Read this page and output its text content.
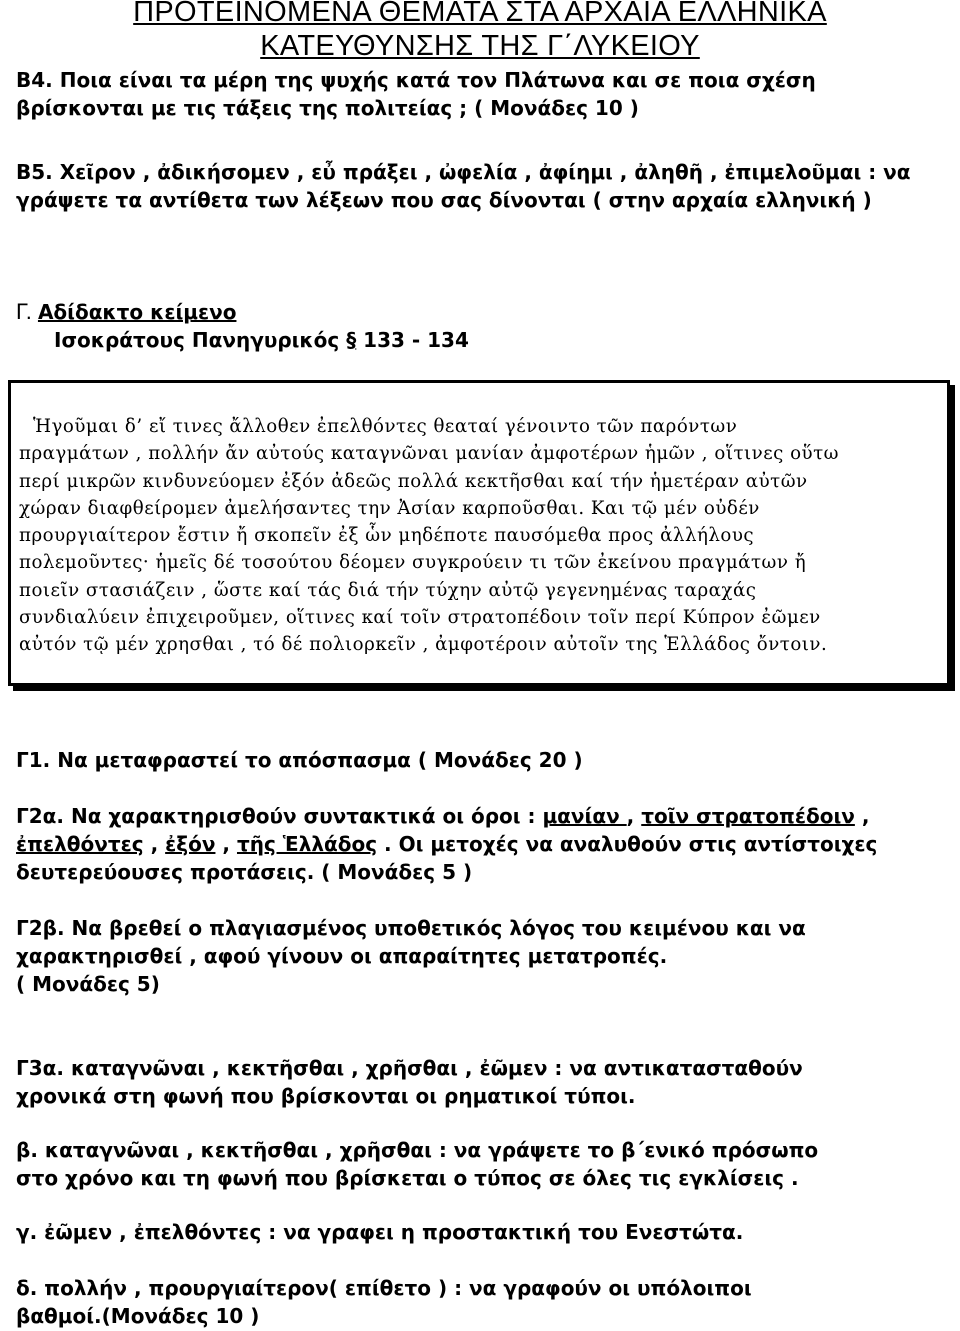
ΠΡΟΤΕΙΝΟΜΕΝΑ ΘΕΜΑΤΑ ΣΤΑ ΑΡΧΑΙΑ ΕΛΛΗΝΙΚΑ
ΚΑΤΕΥΘΥΝΣΗΣ ΤΗΣ Γ΄ΛΥΚΕΙΟΥ
Β4. Ποια είναι τα μέρη της ψυχής κατά τον Πλάτωνα και σε ποια σχέση
βρίσκονται με τις τάξεις της πολιτείας ; ( Μονάδες 10 )
Β5. Χεῖρον , ἀδικήσομεν , εὖ πράξει , ὠφελία , ἀφίημι , ἀληθῆ , ἐπιμελοῦμαι : να
γράψετε τα αντίθετα των λέξεων που σας δίνονται ( στην αρχαία ελληνική )
Γ. Αδίδακτο κείμενο
Ισοκράτους Πανηγυρικός § 133 - 134
Ἡγοῦμαι δ’ εἴ τινες ἄλλοθεν ἐπελθόντες θεαταί γένοιντο τῶν παρόντων
πραγμάτων , πολλήν ἄν αὐτούς καταγνῶναι μανίαν ἀμφοτέρων ἡμῶν , οἵτινες οὕτω
περί μικρῶν κινδυνεύομεν ἐξόν ἀδεῶς πολλά κεκτῆσθαι καί τήν ἡμετέραν αὐτῶν
χώραν διαφθείρομεν ἀμελήσαντες την Ἀσίαν καρποῦσθαι. Και τῷ μέν οὐδέν
προυργιαίτερον ἔστιν ἤ σκοπεῖν ἐξ ὧν μηδέποτε παυσόμεθα προς ἀλλήλους
πολεμοῦντες· ἡμεῖς δέ τοσούτου δέομεν συγκρούειν τι τῶν ἐκείνου πραγμάτων ἤ
ποιεῖν στασιάζειν , ὥστε καί τάς διά τήν τύχην αὐτῷ γεγενημένας ταραχάς
συνδιαλύειν ἐπιχειροῦμεν, οἵτινες καί τοῖν στρατοπέδοιν τοῖν περί Κύπρον ἐῶμεν
αὐτόν τῷ μέν χρησθαι , τό δέ πολιορκεῖν , ἀμφοτέροιν αὐτοῖν της Ἑλλάδος ὄντοιν.
Γ1. Να μεταφραστεί το απόσπασμα ( Μονάδες 20 )
Γ2α. Να χαρακτηρισθούν συντακτικά οι όροι : μανίαν , τοῖν στρατοπέδοιν ,
ἐπελθόντες , ἐξόν , τῆς Ἑλλάδος . Οι μετοχές να αναλυθούν στις αντίστοιχες
δευτερεύουσες προτάσεις. ( Μονάδες 5 )
Γ2β. Να βρεθεί ο πλαγιασμένος υποθετικός λόγος του κειμένου και να
χαρακτηρισθεί , αφού γίνουν οι απαραίτητες μετατροπές.
( Μονάδες 5)
Γ3α. καταγνῶναι , κεκτῆσθαι , χρῆσθαι , ἐῶμεν : να αντικατασταθούν
χρονικά στη φωνή που βρίσκονται οι ρηματικοί τύποι.
β. καταγνῶναι , κεκτῆσθαι , χρῆσθαι : να γράψετε το β΄ενικό πρόσωπο
στο χρόνο και τη φωνή που βρίσκεται ο τύπος σε όλες τις εγκλίσεις .
γ. ἐῶμεν , ἐπελθόντες : να γραφει η προστακτική του Ενεστώτα.
δ. πολλήν , προυργιαίτερον( επίθετο ) : να γραφούν οι υπόλοιποι
βαθμοί.(Μονάδες 10 )
